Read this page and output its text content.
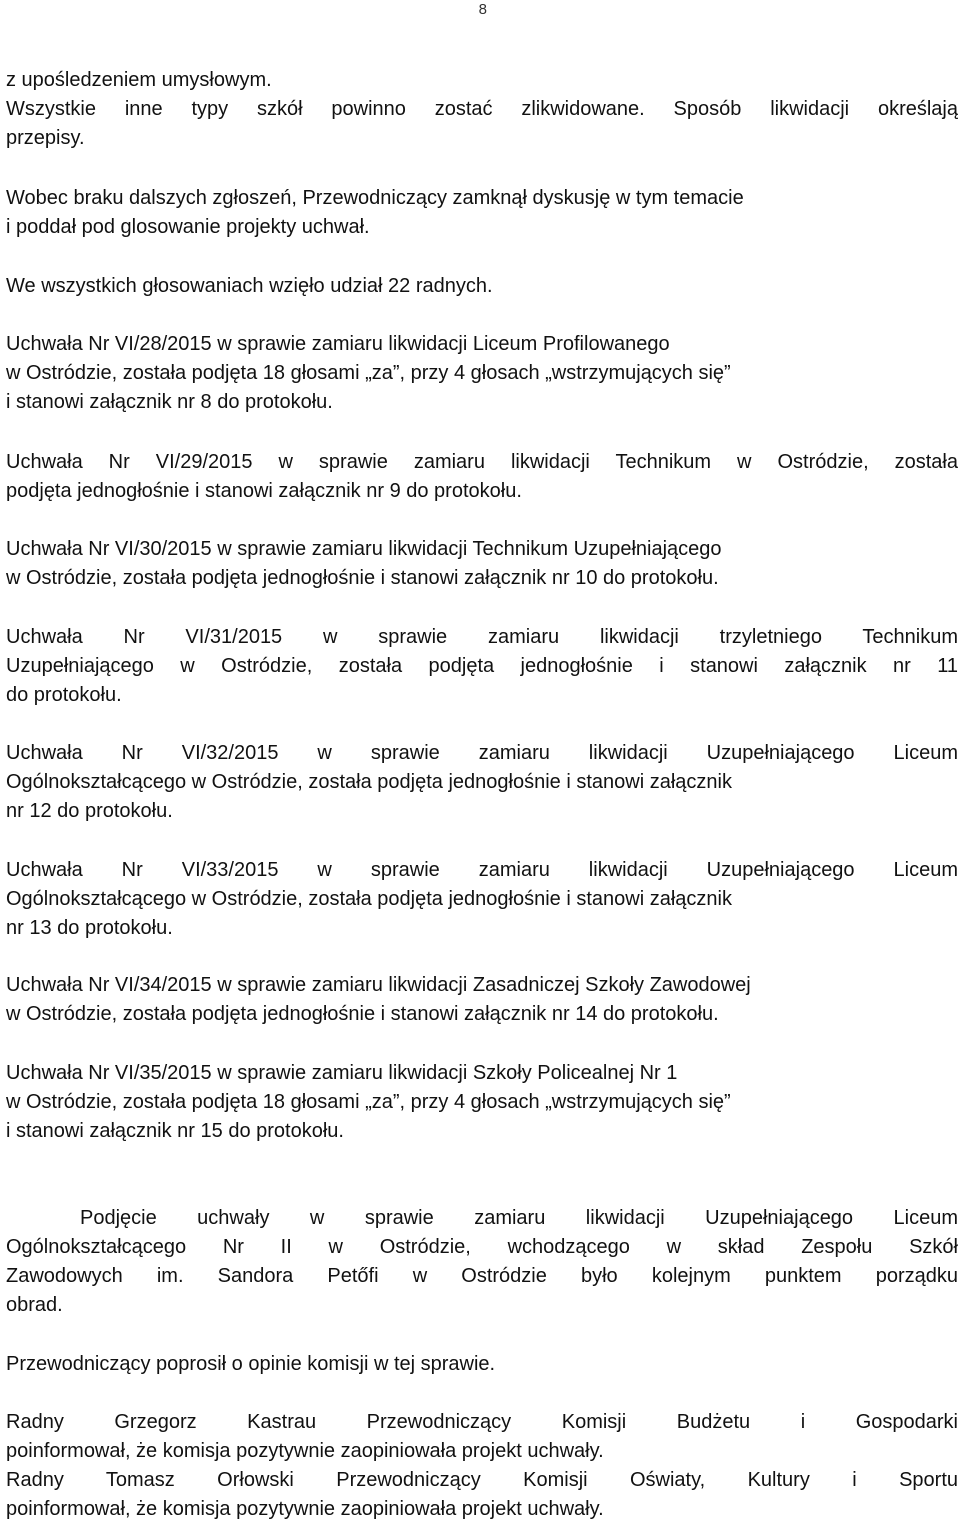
8
z upośledzeniem umysłowym.
Wszystkie inne typy szkół powinno zostać zlikwidowane. Sposób likwidacji określają
przepisy.
Wobec braku dalszych zgłoszeń, Przewodniczący zamknął dyskusję w tym temacie
i poddał pod glosowanie projekty uchwał.
We wszystkich głosowaniach wzięło udział 22 radnych.
Uchwała Nr VI/28/2015 w sprawie zamiaru likwidacji Liceum Profilowanego
w Ostródzie, została podjęta 18 głosami „za”, przy 4 głosach „wstrzymujących się”
i stanowi załącznik nr 8 do protokołu.
Uchwała Nr VI/29/2015 w sprawie zamiaru likwidacji Technikum w Ostródzie, została
podjęta jednogłośnie i stanowi załącznik nr 9 do protokołu.
Uchwała Nr VI/30/2015 w sprawie zamiaru likwidacji Technikum Uzupełniającego
w Ostródzie, została podjęta jednogłośnie i stanowi załącznik nr 10 do protokołu.
Uchwała Nr VI/31/2015 w sprawie zamiaru likwidacji trzyletniego Technikum
Uzupełniającego w Ostródzie, została podjęta jednogłośnie i stanowi załącznik nr 11
do protokołu.
Uchwała Nr VI/32/2015 w sprawie zamiaru likwidacji Uzupełniającego Liceum
Ogólnokształcącego w Ostródzie, została podjęta jednogłośnie i stanowi załącznik
nr 12 do protokołu.
Uchwała Nr VI/33/2015 w sprawie zamiaru likwidacji Uzupełniającego Liceum
Ogólnokształcącego w Ostródzie, została podjęta jednogłośnie i stanowi załącznik
nr 13 do protokołu.
Uchwała Nr VI/34/2015 w sprawie zamiaru likwidacji Zasadniczej Szkoły Zawodowej
w Ostródzie, została podjęta jednogłośnie i stanowi załącznik nr 14 do protokołu.
Uchwała Nr VI/35/2015 w sprawie zamiaru likwidacji Szkoły Policealnej Nr 1
w Ostródzie, została podjęta 18 głosami „za”, przy 4 głosach „wstrzymujących się”
i stanowi załącznik nr 15 do protokołu.
Podjęcie uchwały w sprawie zamiaru likwidacji Uzupełniającego Liceum
Ogólnokształcącego Nr II w Ostródzie, wchodzącego w skład Zespołu Szkół
Zawodowych im. Sandora Petőfi w Ostródzie było kolejnym punktem porządku
obrad.
Przewodniczący poprosił o opinie komisji w tej sprawie.
Radny Grzegorz Kastrau Przewodniczący Komisji Budżetu i Gospodarki
poinformował, że komisja pozytywnie zaopiniowała projekt uchwały.
Radny Tomasz Orłowski Przewodniczący Komisji Oświaty, Kultury i Sportu
poinformował, że komisja pozytywnie zaopiniowała projekt uchwały.
